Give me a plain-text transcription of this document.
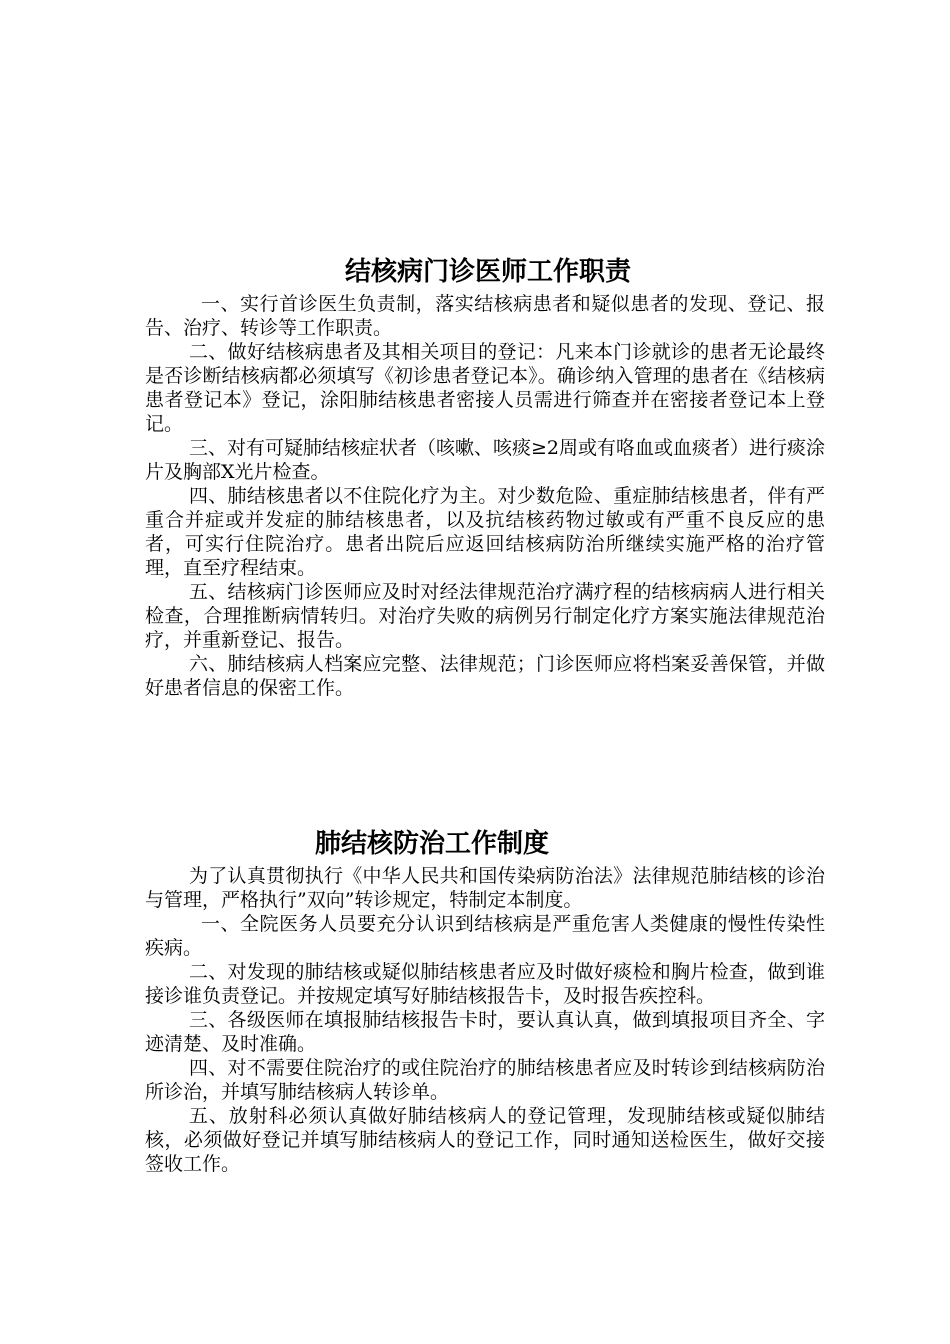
结核病门诊医师工作职责

一、实行首诊医生负责制，落实结核病患者和疑似患者的发现、登记、报告、治疗、转诊等工作职责。

二、做好结核病患者及其相关项目的登记：凡来本门诊就诊的患者无论最终是否诊断结核病都必须填写《初诊患者登记本》。确诊纳入管理的患者在《结核病患者登记本》登记，涂阳肺结核患者密接人员需进行筛查并在密接者登记本上登记。

三、对有可疑肺结核症状者（咳嗽、咳痰≥2周或有咯血或血痰者）进行痰涂片及胸部X光片检查。

四、肺结核患者以不住院化疗为主。对少数危险、重症肺结核患者，伴有严重合并症或并发症的肺结核患者，以及抗结核药物过敏或有严重不良反应的患者，可实行住院治疗。患者出院后应返回结核病防治所继续实施严格的治疗管理，直至疗程结束。

五、结核病门诊医师应及时对经法律规范治疗满疗程的结核病病人进行相关检查，合理推断病情转归。对治疗失败的病例另行制定化疗方案实施法律规范治疗，并重新登记、报告。

六、肺结核病人档案应完整、法律规范；门诊医师应将档案妥善保管，并做好患者信息的保密工作。

肺结核防治工作制度

为了认真贯彻执行《中华人民共和国传染病防治法》法律规范肺结核的诊治与管理，严格执行”双向”转诊规定，特制定本制度。

一、全院医务人员要充分认识到结核病是严重危害人类健康的慢性传染性疾病。

二、对发现的肺结核或疑似肺结核患者应及时做好痰检和胸片检查，做到谁接诊谁负责登记。并按规定填写好肺结核报告卡，及时报告疾控科。

三、各级医师在填报肺结核报告卡时，要认真认真，做到填报项目齐全、字迹清楚、及时准确。

四、对不需要住院治疗的或住院治疗的肺结核患者应及时转诊到结核病防治所诊治，并填写肺结核病人转诊单。

五、放射科必须认真做好肺结核病人的登记管理，发现肺结核或疑似肺结核，必须做好登记并填写肺结核病人的登记工作，同时通知送检医生，做好交接签收工作。
